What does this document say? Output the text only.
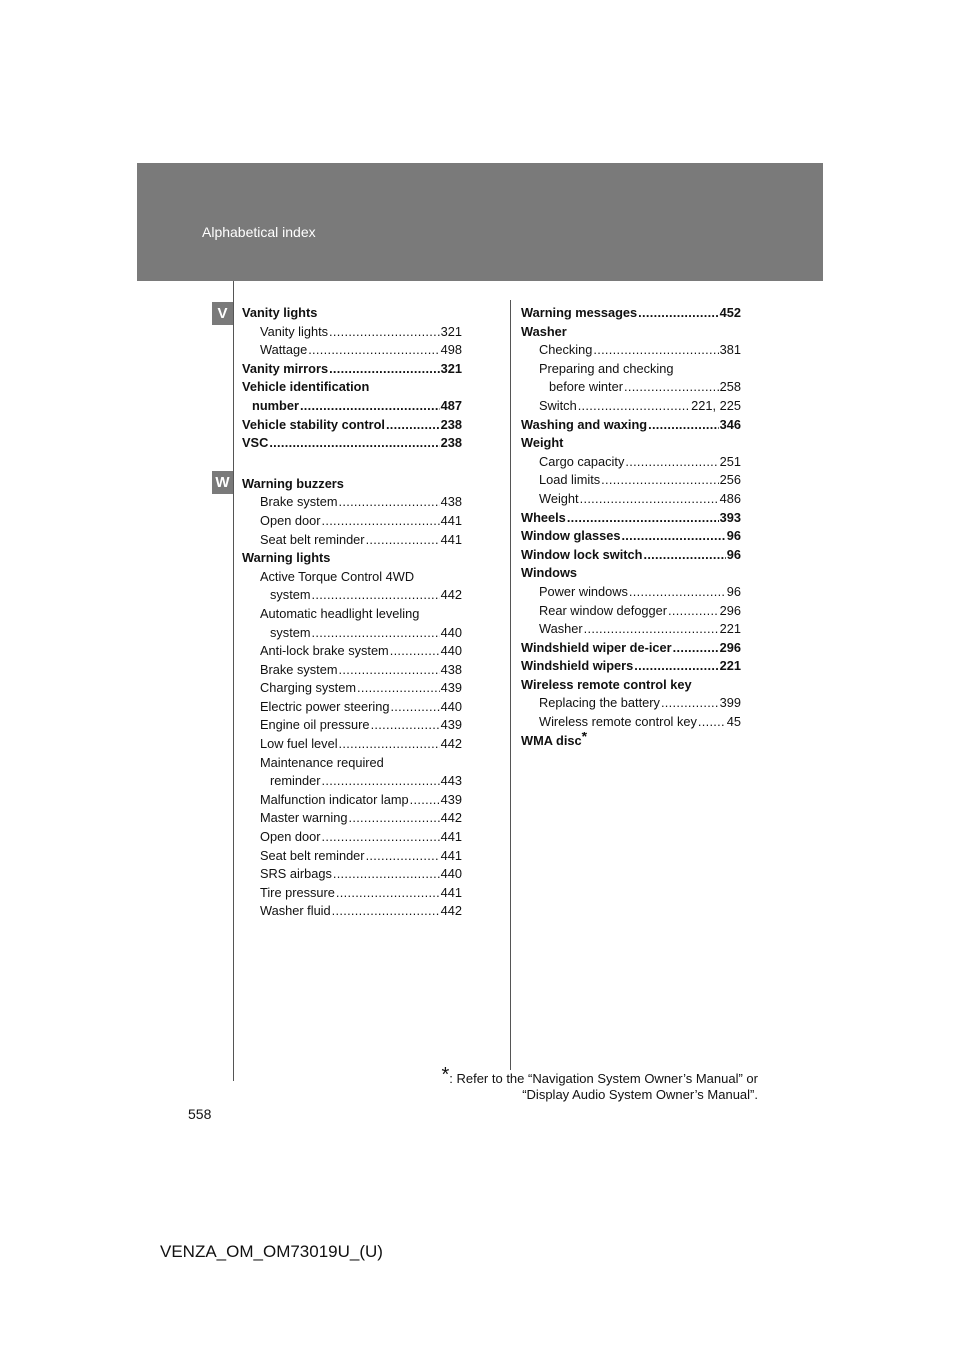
Alphabetical index
V
W
Vanity lights
Vanity lights .....	321
Wattage .....	498
Vanity mirrors .....	321
Vehicle identification
number .....	487
Vehicle stability control .....	238
VSC .....	238
Warning buzzers
Brake system .....	438
Open door .....	441
Seat belt reminder .....	441
Warning lights
Active Torque Control 4WD
system .....	442
Automatic headlight leveling
system .....	440
Anti-lock brake system .....	440
Brake system .....	438
Charging system .....	439
Electric power steering .....	440
Engine oil pressure .....	439
Low fuel level .....	442
Maintenance required
reminder .....	443
Malfunction indicator lamp ..... 439
Master warning .....	442
Open door .....	441
Seat belt reminder .....	441
SRS airbags .....	440
Tire pressure .....	441
Washer fluid .....	442
Warning messages .....	452
Washer
Checking .....	381
Preparing and checking
before winter .....	258
Switch .....	221, 225
Washing and waxing .....	346
Weight
Cargo capacity .....	251
Load limits .....	256
Weight .....	486
Wheels .....	393
Window glasses .....	96
Window lock switch .....	96
Windows
Power windows .....	96
Rear window defogger .....	296
Washer .....	221
Windshield wiper de-icer .....	296
Windshield wipers .....	221
Wireless remote control key
Replacing the battery .....	399
Wireless remote control key ..... 45
WMA disc*
*: Refer to the “Navigation System Owner’s Manual” or
“Display Audio System Owner’s Manual”.
558
VENZA_OM_OM73019U_(U)
